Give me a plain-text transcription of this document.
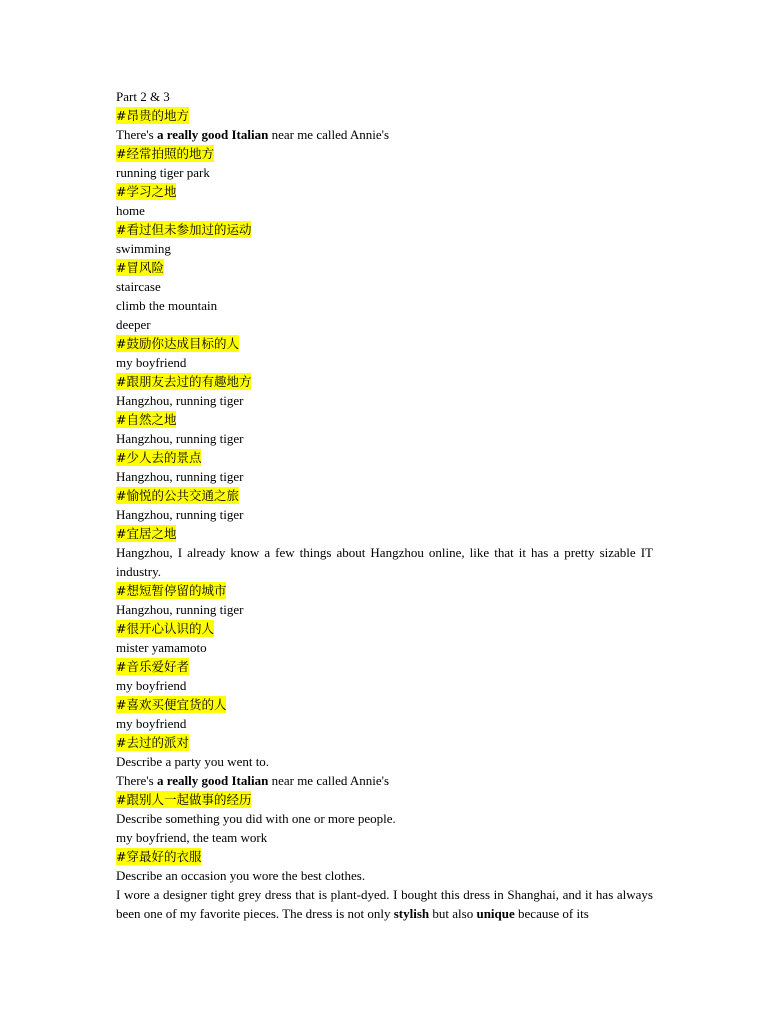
Part 2 & 3
#昂贵的地方
There's a really good Italian near me called Annie's
#经常拍照的地方
running tiger park
#学习之地
home
#看过但未参加过的运动
swimming
#冒风险
staircase
climb the mountain
deeper
#鼓励你达成目标的人
my boyfriend
#跟朋友去过的有趣地方
Hangzhou, running tiger
#自然之地
Hangzhou, running tiger
#少人去的景点
Hangzhou, running tiger
#愉悦的公共交通之旅
Hangzhou, running tiger
#宜居之地
Hangzhou, I already know a few things about Hangzhou online, like that it has a pretty sizable IT industry.
#想短暂停留的城市
Hangzhou, running tiger
#很开心认识的人
mister yamamoto
#音乐爱好者
my boyfriend
#喜欢买便宜货的人
my boyfriend
#去过的派对
Describe a party you went to.
There's a really good Italian near me called Annie's
#跟别人一起做事的经历
Describe something you did with one or more people.
my boyfriend, the team work
#穿最好的衣服
Describe an occasion you wore the best clothes.
I wore a designer tight grey dress that is plant-dyed. I bought this dress in Shanghai, and it has always been one of my favorite pieces. The dress is not only stylish but also unique because of its
